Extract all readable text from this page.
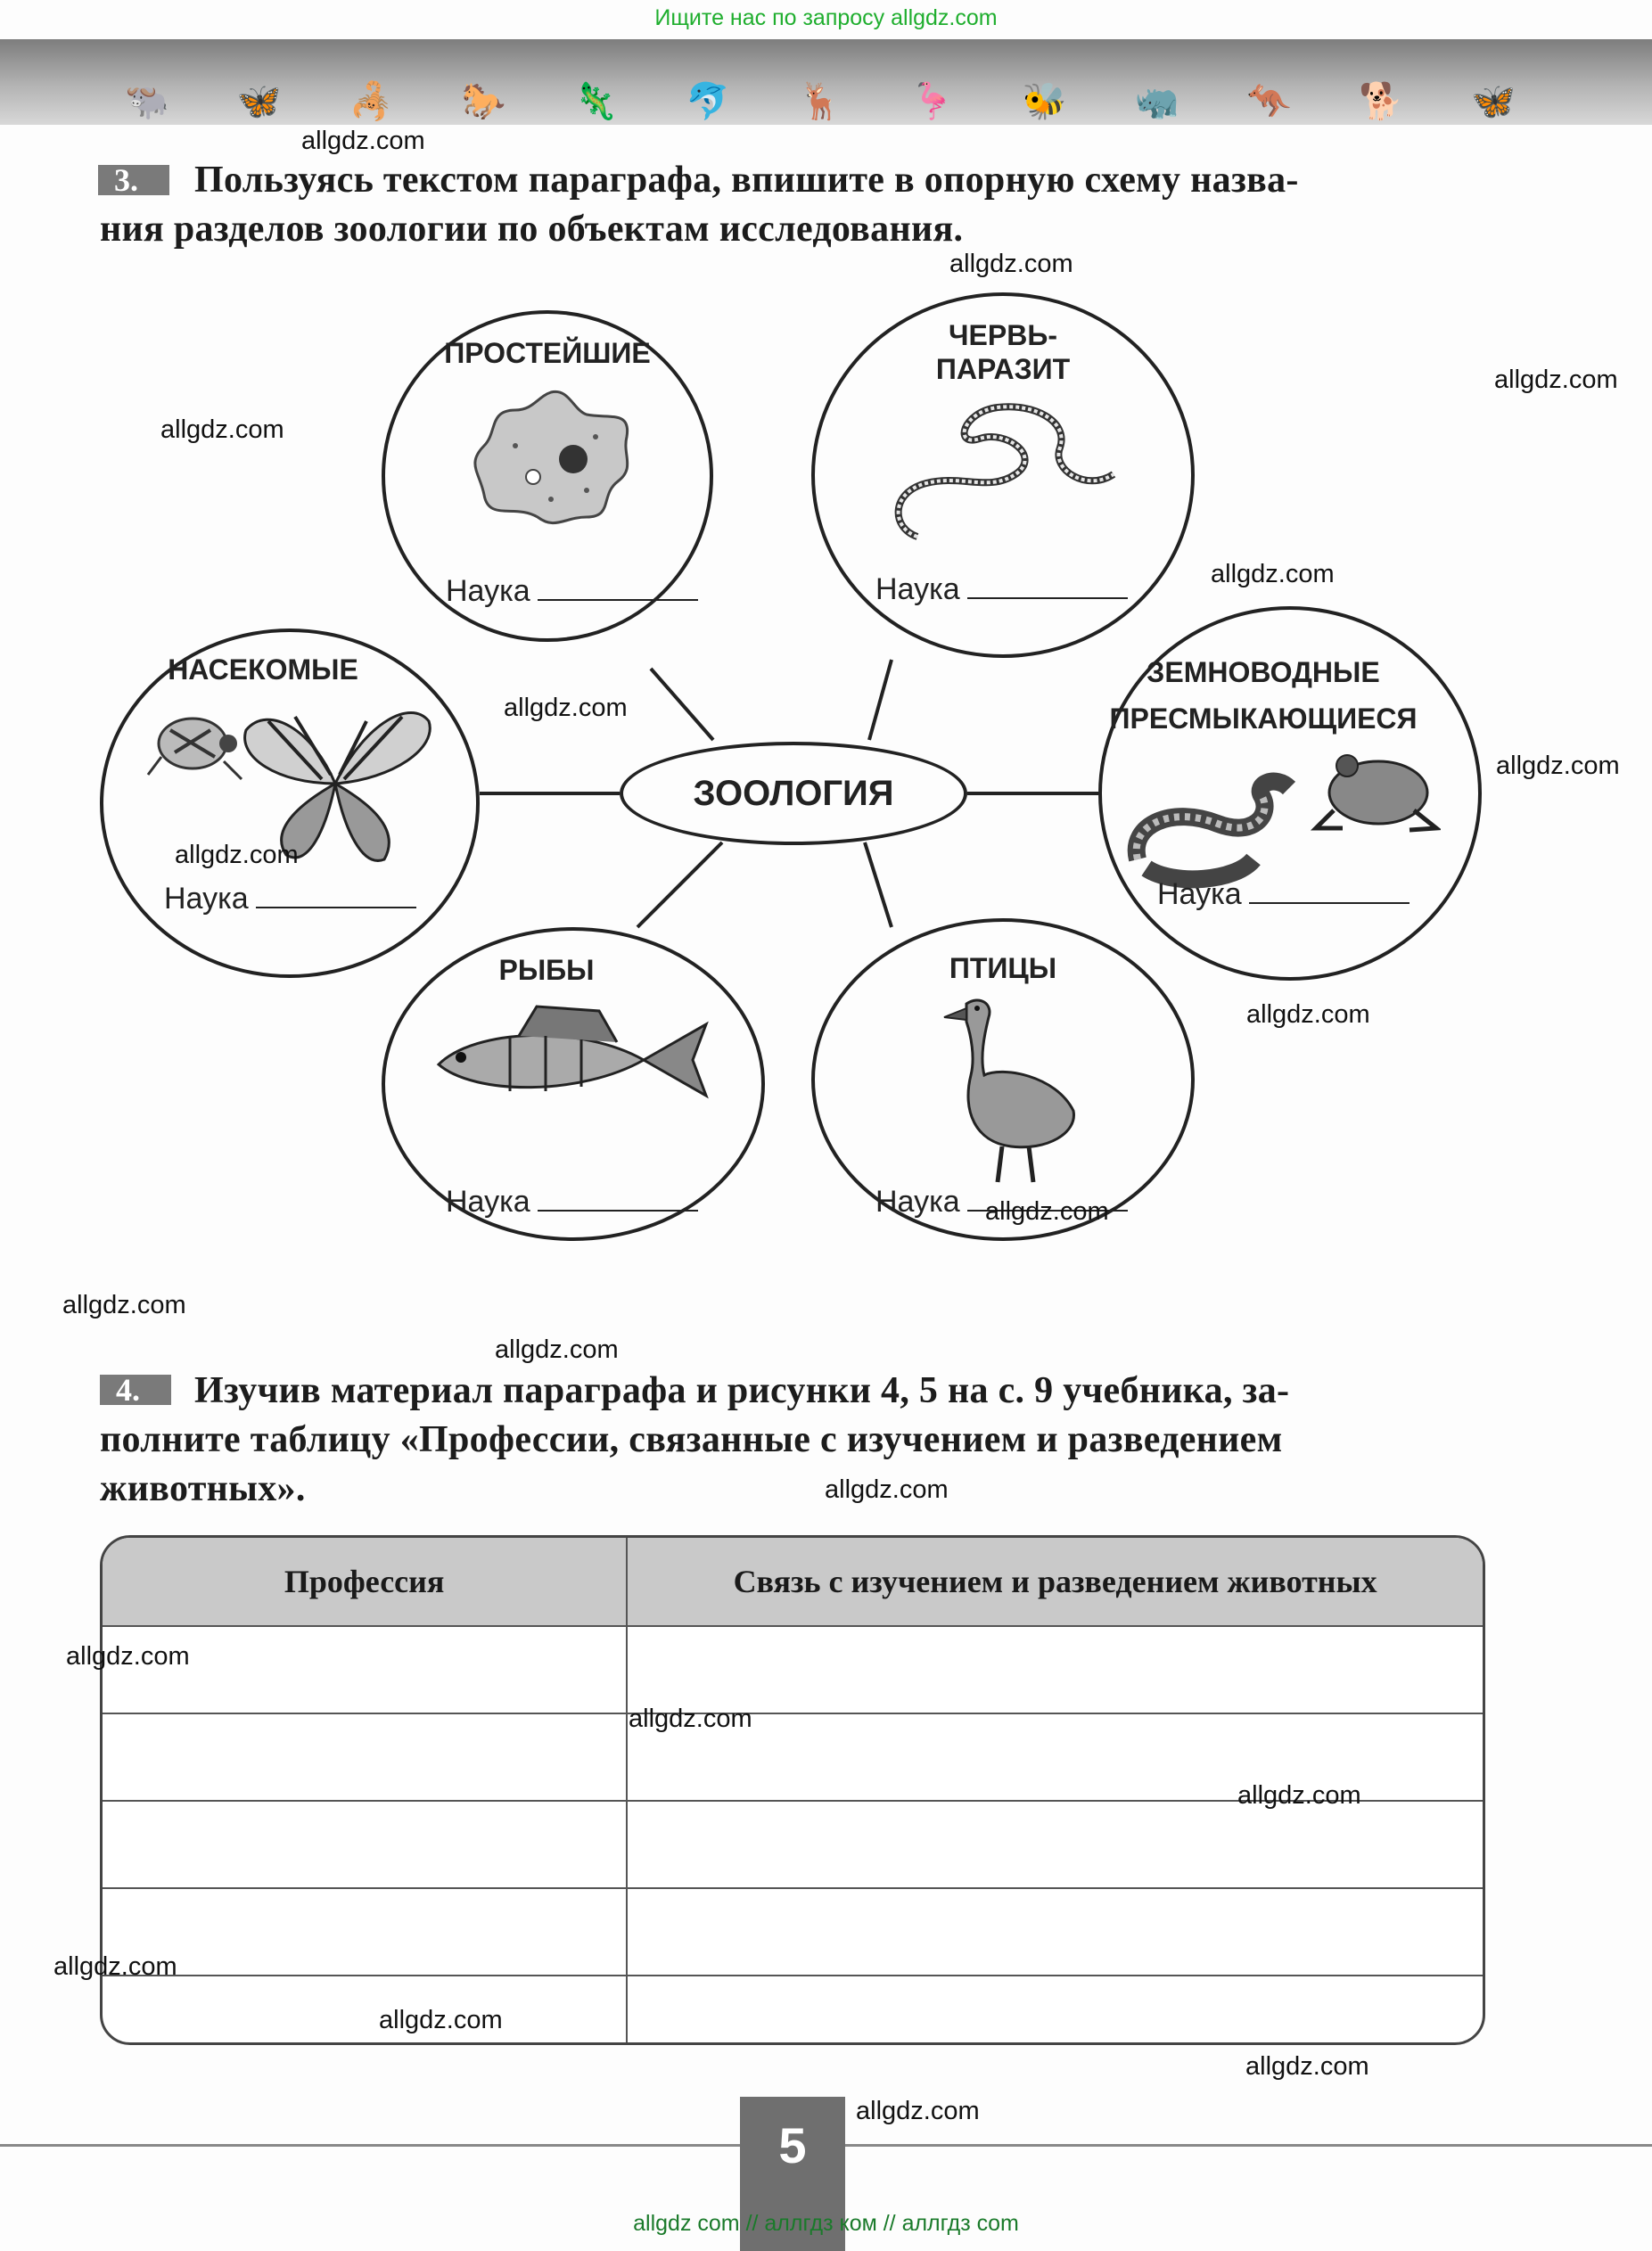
Ищите нас по запросу allgdz.com
🐃 🦋 🦂 🐎 🦎 🐬 🦌 🦩 🐝 🦏 🦘 🐕 🦋
3.	Пользуясь текстом параграфа, впишите в опорную схему назва-
ния разделов зоологии по объектам исследования.
ПРОСТЕЙШИЕ
Наука
ЧЕРВЬ-
ПАРАЗИТ
Наука
НАСЕКОМЫЕ
Наука
ЗЕМНОВОДНЫЕ
ПРЕСМЫКАЮЩИЕСЯ
Наука
РЫБЫ
Наука
ПТИЦЫ
Наука
ЗООЛОГИЯ
4.	Изучив материал параграфа и рисунки 4, 5 на с. 9 учебника, за-
полните таблицу «Профессии, связанные с изучением и разведением
животных».
Профессия	Связь с изучением и разведением животных

5
allgdz com // аллгдз ком // аллгдз com
allgdz.com
allgdz.com
allgdz.com
allgdz.com
allgdz.com
allgdz.com
allgdz.com
allgdz.com
allgdz.com
allgdz.com
allgdz.com
allgdz.com
allgdz.com
allgdz.com
allgdz.com
allgdz.com
allgdz.com
allgdz.com
allgdz.com
allgdz.com
